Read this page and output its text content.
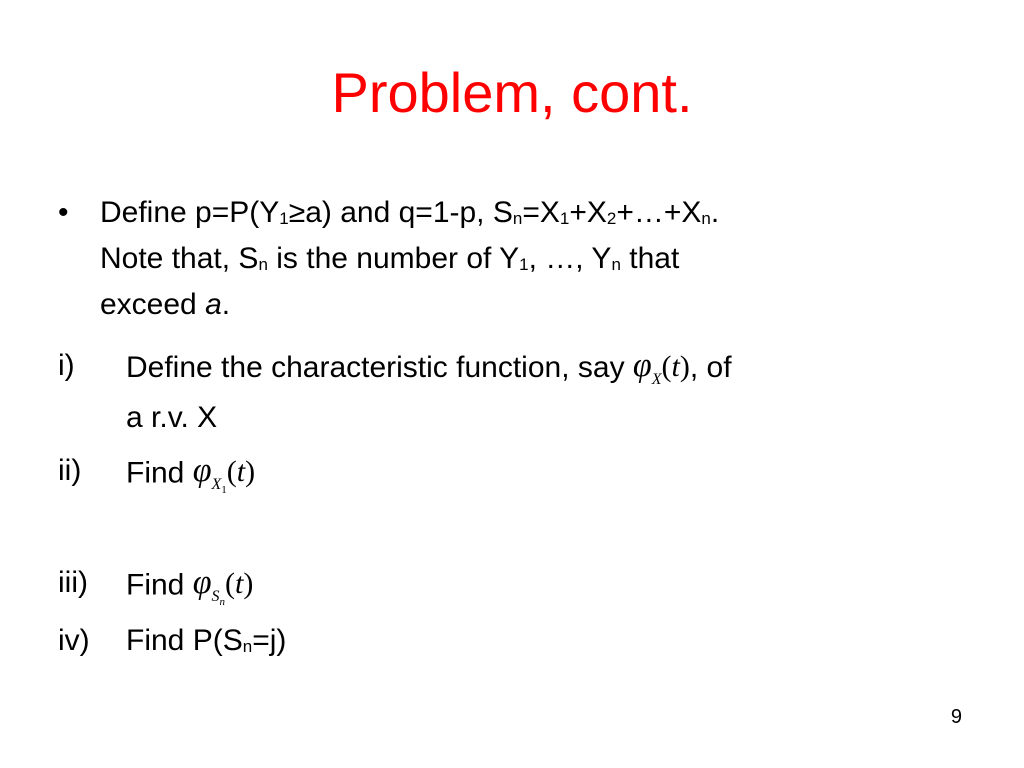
Problem, cont.
• Define p=P(Y1≥a) and q=1-p, Sn=X1+X2+…+Xn.
Note that, Sn is the number of Y1, …, Yn that
exceed a.
i) Define the characteristic function, say $\varphi_X(t)$, of
a r.v. X
ii) Find $\varphi_{X_1}(t)$
iii) Find $\varphi_{S_n}(t)$
iv) Find P(Sn=j)
9
